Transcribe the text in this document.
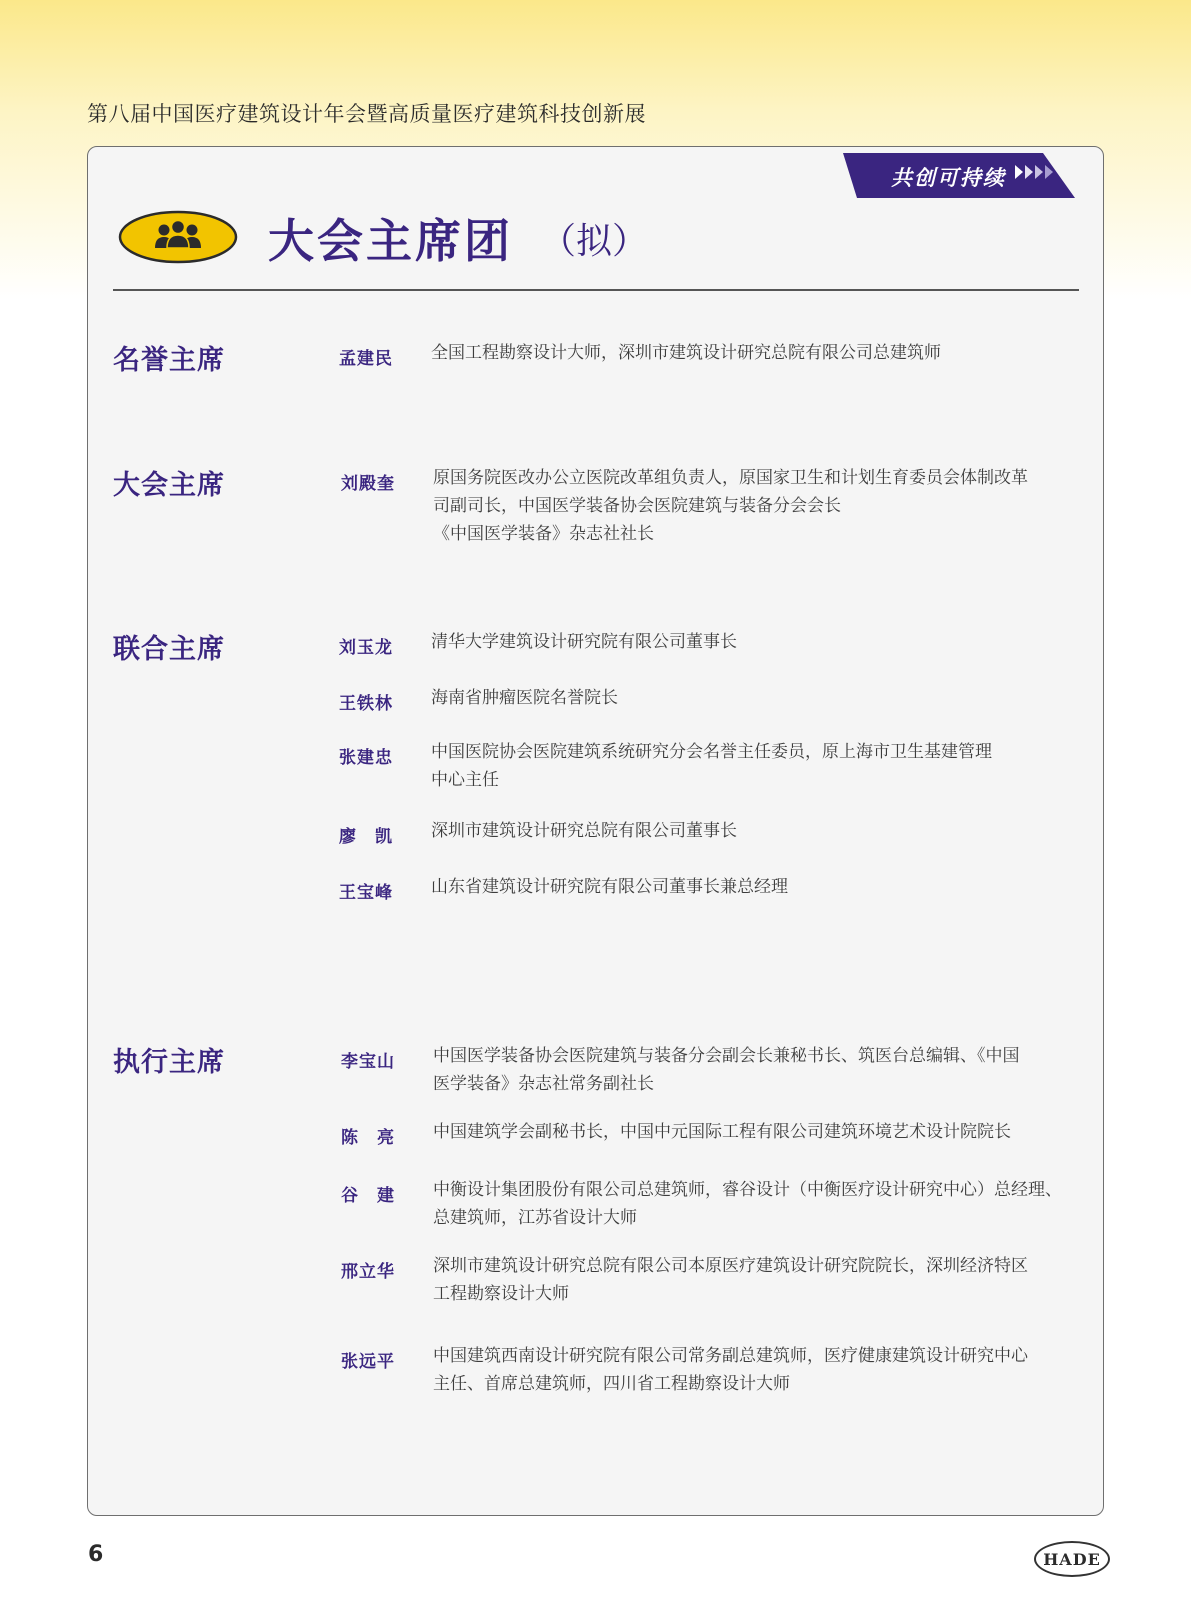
第八届中国医疗建筑设计年会暨高质量医疗建筑科技创新展
共创可持续
大会主席团 （拟）
名誉主席	孟建民 全国工程勘察设计大师，深圳市建筑设计研究总院有限公司总建筑师
大会主席	刘殿奎 原国务院医改办公立医院改革组负责人，原国家卫生和计划生育委员会体制改革
司副司长，中国医学装备协会医院建筑与装备分会会长
《中国医学装备》杂志社社长
联合主席	刘玉龙 清华大学建筑设计研究院有限公司董事长
王铁林 海南省肿瘤医院名誉院长
张建忠 中国医院协会医院建筑系统研究分会名誉主任委员，原上海市卫生基建管理
中心主任
廖　凯 深圳市建筑设计研究总院有限公司董事长
王宝峰 山东省建筑设计研究院有限公司董事长兼总经理
执行主席	李宝山 中国医学装备协会医院建筑与装备分会副会长兼秘书长、筑医台总编辑、《中国
医学装备》杂志社常务副社长
陈　亮 中国建筑学会副秘书长，中国中元国际工程有限公司建筑环境艺术设计院院长
谷　建 中衡设计集团股份有限公司总建筑师，睿谷设计（中衡医疗设计研究中心）总经理、
总建筑师，江苏省设计大师
邢立华 深圳市建筑设计研究总院有限公司本原医疗建筑设计研究院院长，深圳经济特区
工程勘察设计大师
张远平 中国建筑西南设计研究院有限公司常务副总建筑师，医疗健康建筑设计研究中心
主任、首席总建筑师，四川省工程勘察设计大师
6	HADE
